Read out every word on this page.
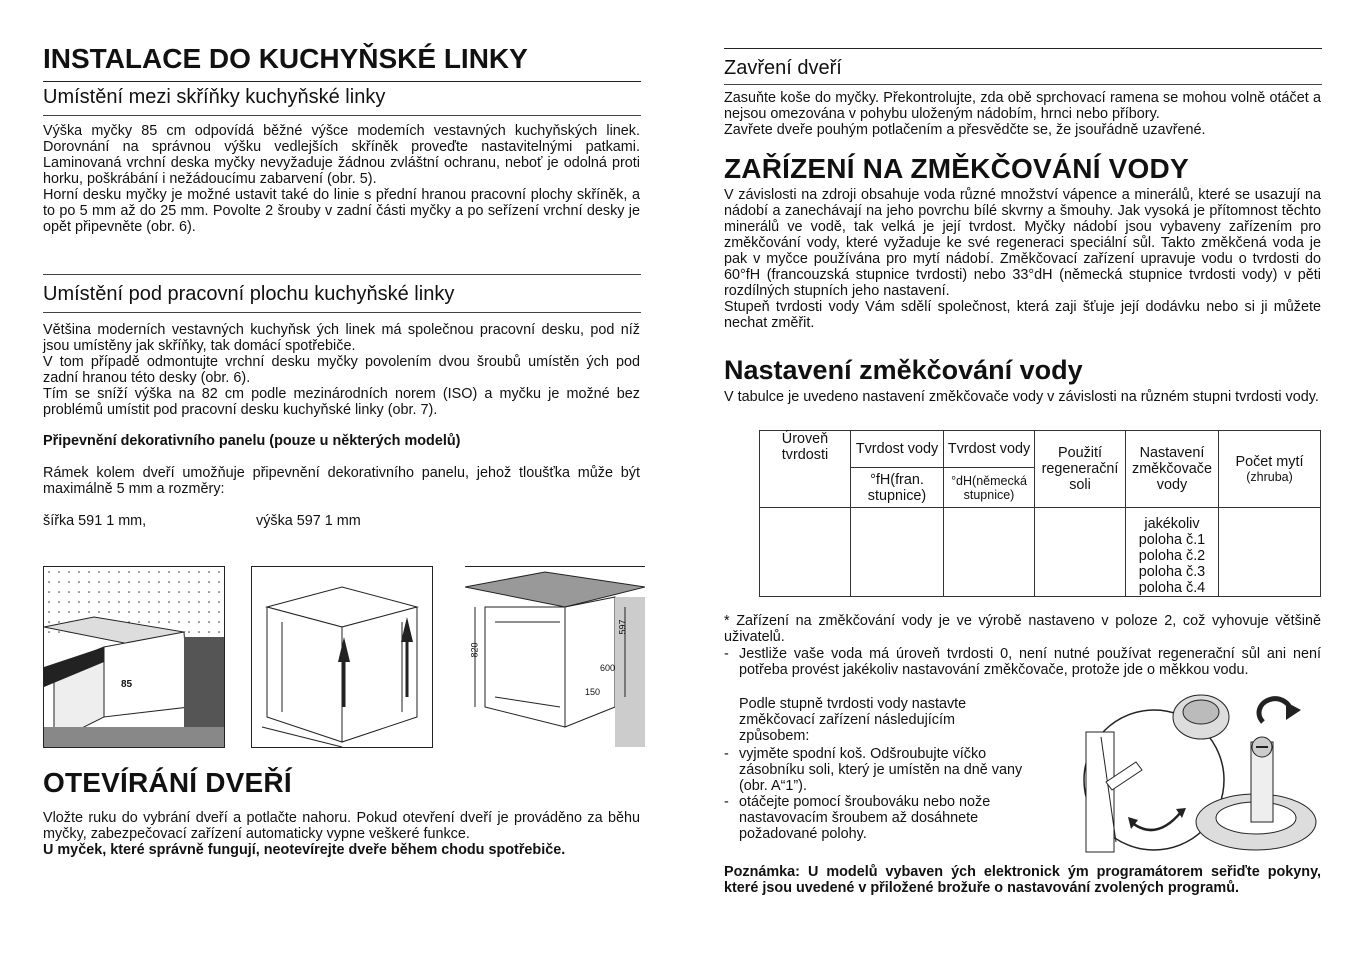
INSTALACE DO KUCHYŇSKÉ LINKY
Umístění mezi skříňky kuchyňské linky

Výška myčky 85 cm odpovídá běžné výšce modemích vestavných kuchyňských linek. Dorovnání na správnou výšku vedlejších skříněk proveďte nastavitelnými patkami. Laminovaná vrchní deska myčky nevyžaduje žádnou zvláštní ochranu, neboť je odolná proti horku, poškrábání i nežádoucímu zabarvení (obr. 5).

Horní desku myčky je možné ustavit také do linie s přední hranou pracovní plochy skříněk, a to po 5 mm až do 25 mm. Povolte 2 šrouby v zadní části myčky a po seřízení vrchní desky je opět připevněte (obr. 6).

Umístění pod pracovní plochu kuchyňské linky

Většina moderních vestavných kuchyňsk ých linek má společnou pracovní desku, pod níž jsou umístěny jak skříňky, tak domácí spotřebiče.

V tom případě odmontujte vrchní desku myčky povolením dvou šroubů umístěn ých pod zadní hranou této desky (obr. 6).

Tím se sníží výška na 82 cm podle mezinárodních norem (ISO) a myčku je možné bez problémů umístit pod pracovní desku kuchyňské linky (obr. 7).

Připevnění dekorativního panelu (pouze u některých modelů)

Rámek kolem dveří umožňuje připevnění dekorativního panelu, jehož tloušťka může být maximálně 5 mm a rozměry:

šířka 591 1 mm,	výška 597 1 mm

85
820
597
600
150
OTEVÍRÁNÍ DVEŘÍ

Vložte ruku do vybrání dveří a potlačte nahoru. Pokud otevření dveří je prováděno za běhu myčky, zabezpečovací zařízení automaticky vypne veškeré funkce.

U myček, které správně fungují, neotevírejte dveře během chodu spotřebiče.

Zavření dveří

Zasuňte koše do myčky. Překontrolujte, zda obě sprchovací ramena se mohou volně otáčet a nejsou omezována v pohybu uloženým nádobím, hrnci nebo příbory.

Zavřete dveře pouhým potlačením a přesvědčte se, že jsouřádně uzavřené.

ZAŘÍZENÍ NA ZMĚKČOVÁNÍ VODY

V závislosti na zdroji obsahuje voda různé množství vápence a minerálů, které se usazují na nádobí a zanechávají na jeho povrchu bílé skvrny a šmouhy. Jak vysoká je přítomnost těchto minerálů ve vodě, tak velká je její tvrdost. Myčky nádobí jsou vybaveny zařízením pro změkčování vody, které vyžaduje ke své regeneraci speciální sůl. Takto změkčená voda je pak v myčce používána pro mytí nádobí. Změkčovací zařízení upravuje vodu o tvrdosti do 60°fH (francouzská stupnice tvrdosti) nebo 33°dH (německá stupnice tvrdosti vody) v pěti rozdílných stupních jeho nastavení.

Stupeň tvrdosti vody Vám sdělí společnost, která zaji šťuje její dodávku nebo si ji můžete nechat změřit.

Nastavení změkčování vody

V tabulce je uvedeno nastavení změkčovače vody v závislosti na různém stupni tvrdosti vody.

Úroveň tvrdosti	Tvrdost vody	Tvrdost vody	Použití regenerační soli	Nastavení změkčovače vody	Počet mytí
(zhruba)

	°fH(fran. stupnice)	°dH(německá stupnice)			

				jakékoliv
poloha č.1
poloha č.2
poloha č.3
poloha č.4	

* Zařízení na změkčování vody je ve výrobě nastaveno v poloze 2, což vyhovuje většině uživatelů.

- Jestliže vaše voda má úroveň tvrdosti 0, není nutné používat regenerační sůl ani není potřeba provést jakékoliv nastavování změkčovače, protože jde o měkkou vodu.

Podle stupně tvrdosti vody nastavte změkčovací zařízení následujícím způsobem:

- vyjměte spodní koš. Odšroubujte víčko zásobníku soli, který je umístěn na dně vany (obr. A“1”).

- otáčejte pomocí šroubováku nebo nože nastavovacím šroubem až dosáhnete požadované polohy.

Poznámka: U modelů vybaven ých elektronick ým programátorem seřiďte pokyny, které jsou uvedené v přiložené brožuře o nastavování zvolených programů.
